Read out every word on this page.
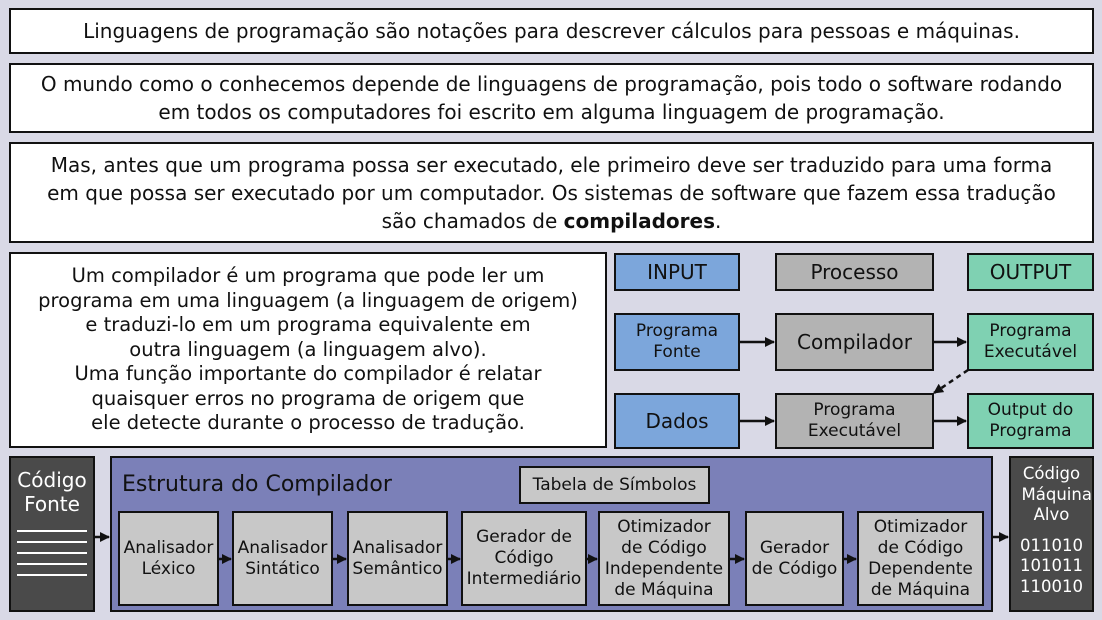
Linguagens de programação são notações para descrever cálculos para pessoas e máquinas.
O mundo como o conhecemos depende de linguagens de programação, pois todo o software rodando em todos os computadores foi escrito em alguma linguagem de programação.
Mas, antes que um programa possa ser executado, ele primeiro deve ser traduzido para uma forma em que possa ser executado por um computador. Os sistemas de software que fazem essa tradução são chamados de compiladores.
Um compilador é um programa que pode ler um
programa em uma linguagem (a linguagem de origem)
e traduzi-lo em um programa equivalente em
outra linguagem (a linguagem alvo).
Uma função importante do compilador é relatar
quaisquer erros no programa de origem que
ele detecte durante o processo de tradução.
INPUT	Processo	OUTPUT
Programa Fonte	Compilador	Programa Executável
Dados	Programa Executável
Output do Programa
Código Fonte
Estrutura do Compilador	Tabela de Símbolos
Analisador Léxico
Analisador Sintático
Analisador Semântico
Gerador de Código Intermediário
Otimizador de Código Independente de Máquina
Gerador de Código
Otimizador de Código Dependente de Máquina
Código Máquina Alvo
011010
101011
110010
